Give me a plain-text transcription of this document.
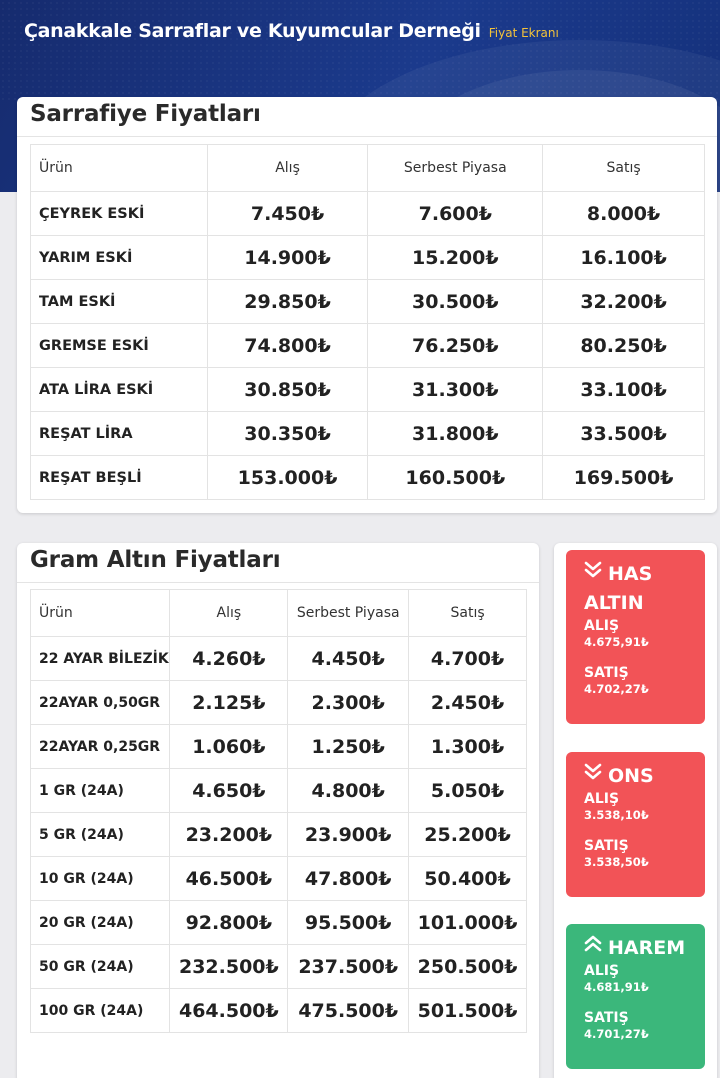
Çanakkale Sarraflar ve Kuyumcular Derneği Fiyat Ekranı
Sarrafiye Fiyatları
Ürün	Alış	Serbest Piyasa	Satış
ÇEYREK ESKİ	7.450₺	7.600₺	8.000₺
YARIM ESKİ	14.900₺	15.200₺	16.100₺
TAM ESKİ	29.850₺	30.500₺	32.200₺
GREMSE ESKİ	74.800₺	76.250₺	80.250₺
ATA LİRA ESKİ	30.850₺	31.300₺	33.100₺
REŞAT LİRA	30.350₺	31.800₺	33.500₺
REŞAT BEŞLİ	153.000₺	160.500₺	169.500₺
Gram Altın Fiyatları
Ürün	Alış	Serbest Piyasa	Satış
22 AYAR BİLEZİK	4.260₺	4.450₺	4.700₺
22AYAR 0,50GR	2.125₺	2.300₺	2.450₺
22AYAR 0,25GR	1.060₺	1.250₺	1.300₺
1 GR (24A)	4.650₺	4.800₺	5.050₺
5 GR (24A)	23.200₺	23.900₺	25.200₺
10 GR (24A)	46.500₺	47.800₺	50.400₺
20 GR (24A)	92.800₺	95.500₺	101.000₺
50 GR (24A)	232.500₺	237.500₺	250.500₺
100 GR (24A)	464.500₺	475.500₺	501.500₺
HAS
ALTIN
ALIŞ
4.675,91₺
SATIŞ
4.702,27₺
ONS
ALIŞ
3.538,10₺
SATIŞ
3.538,50₺
HAREM
ALIŞ
4.681,91₺
SATIŞ
4.701,27₺
